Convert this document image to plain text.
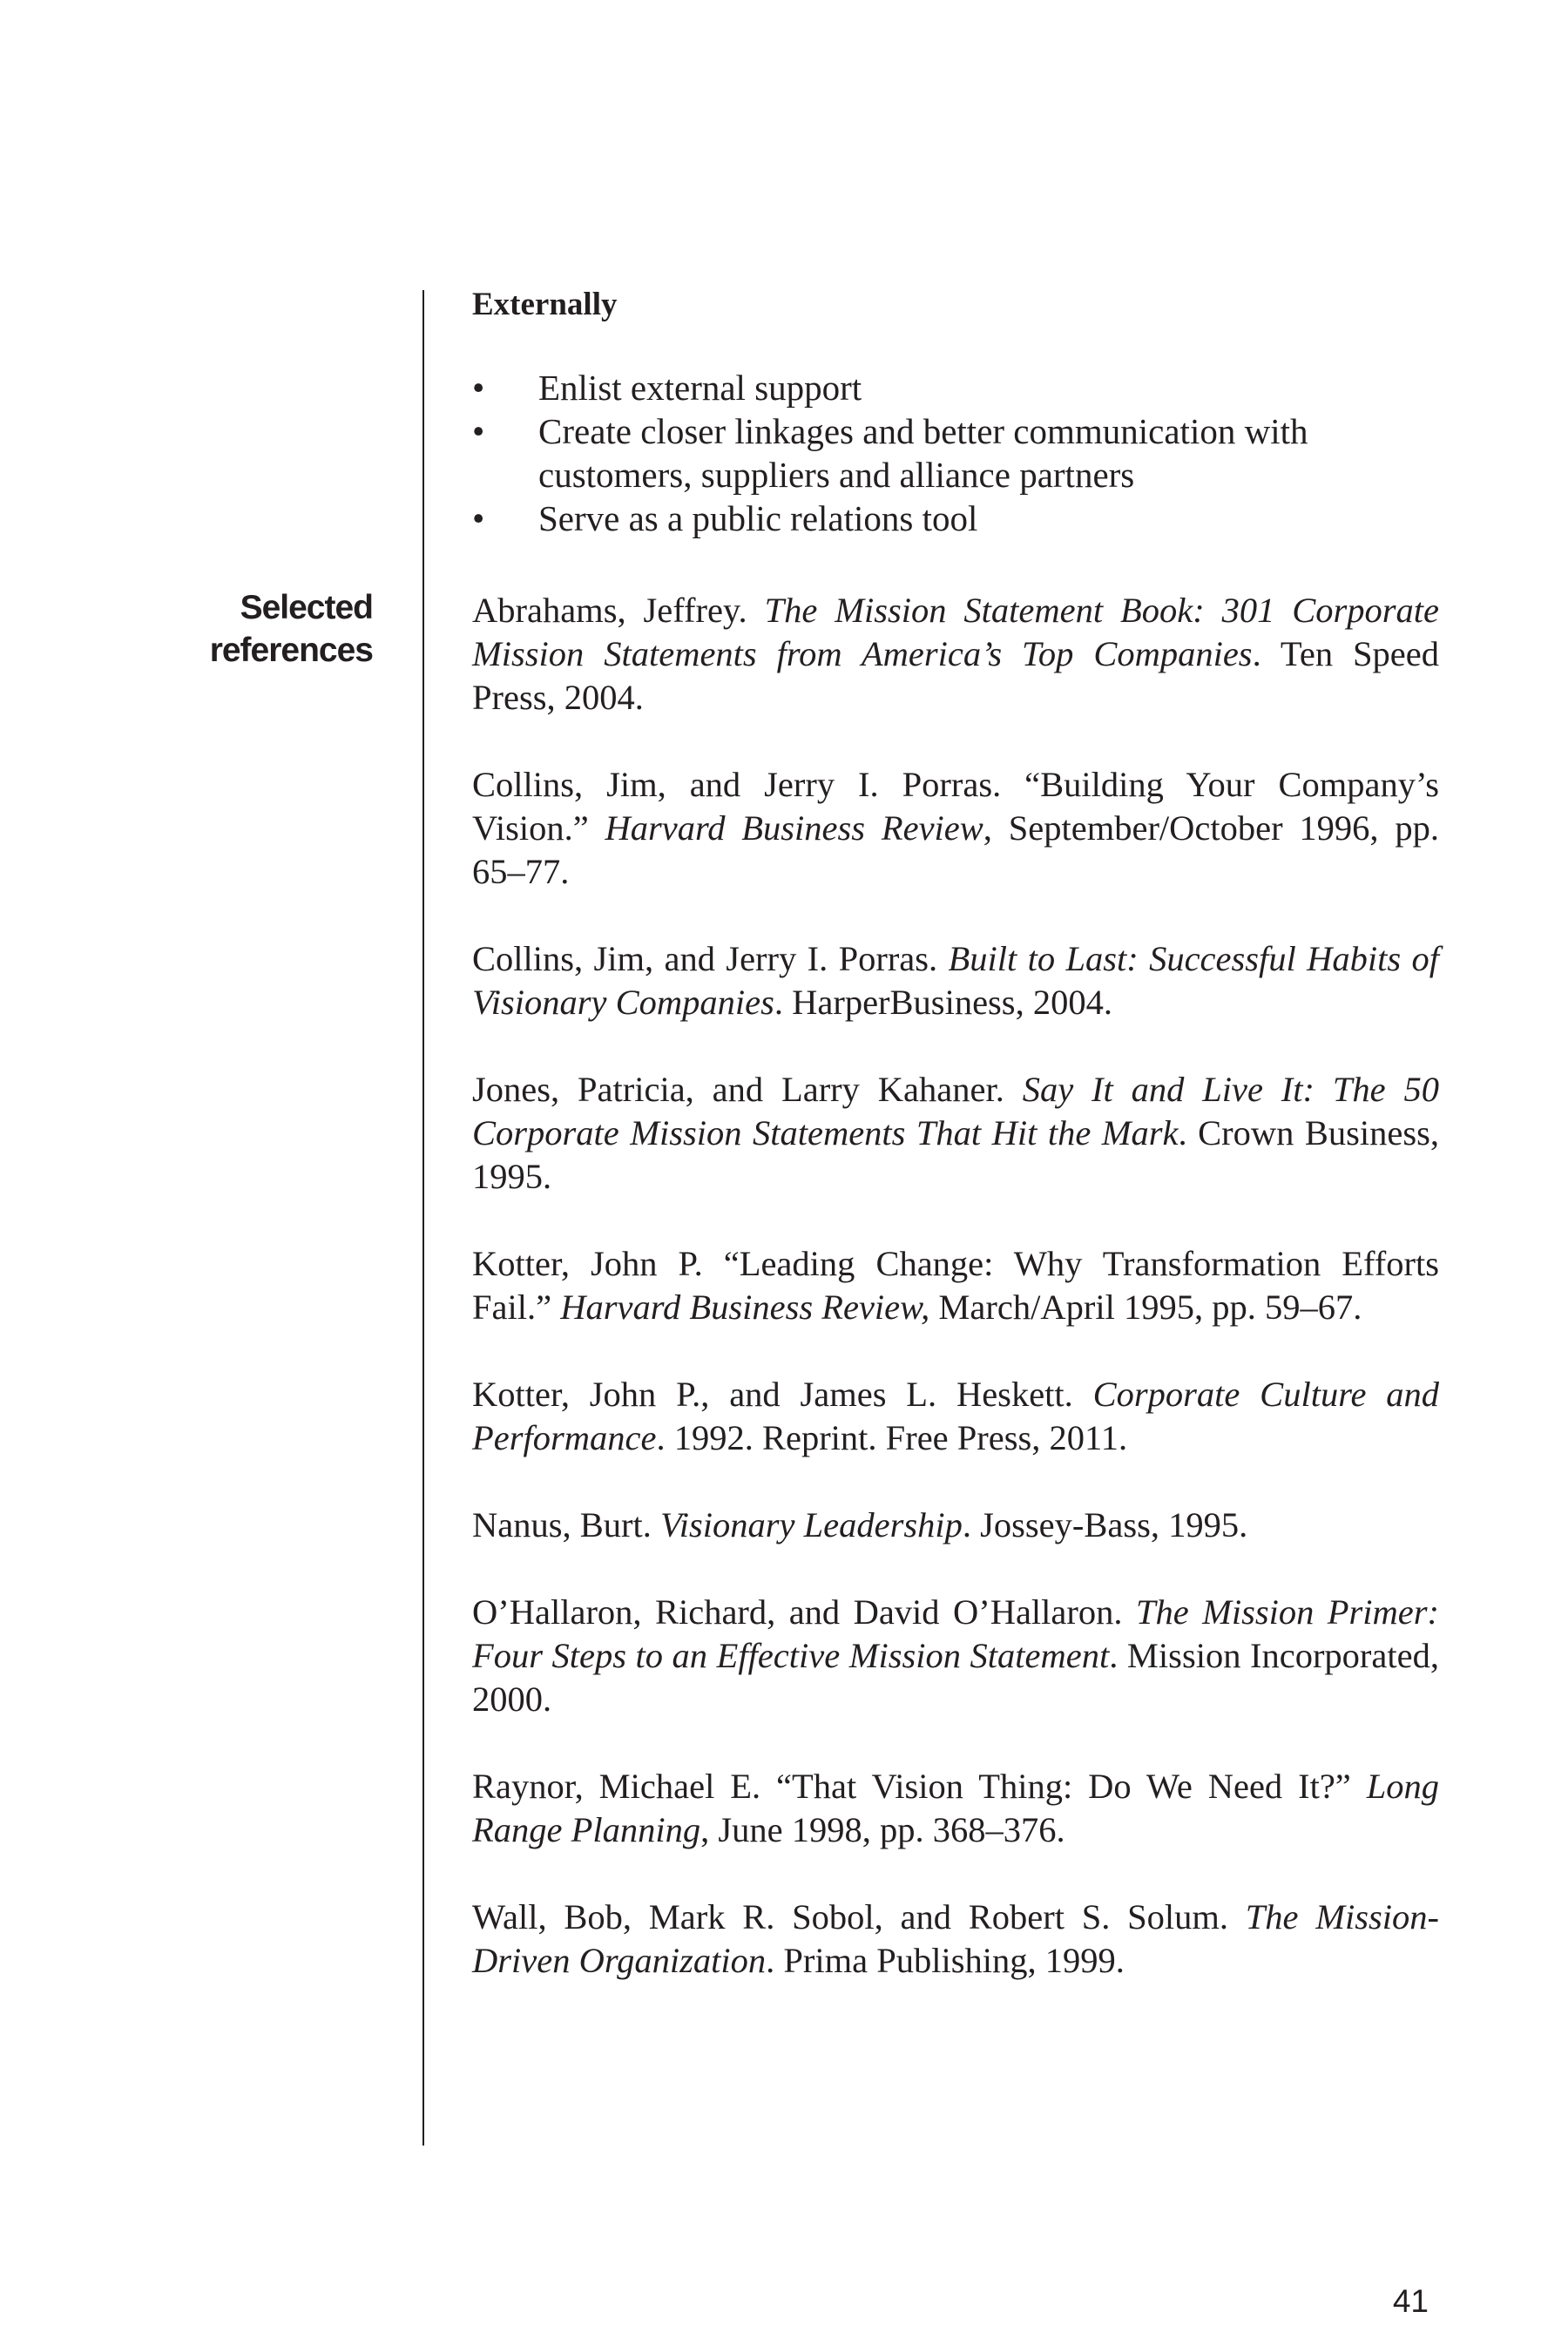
Externally
•	Enlist external support
•	Create closer linkages and better communication with customers, suppliers and alliance partners
•	Serve as a public relations tool
Selected
references

Abrahams, Jeffrey. The Mission Statement Book: 301 Corporate Mission Statements from America’s Top Companies. Ten Speed Press, 2004.

Collins, Jim, and Jerry I. Porras. “Building Your Company’s Vision.” Harvard Business Review, September/October 1996, pp. 65–77.

Collins, Jim, and Jerry I. Porras. Built to Last: Successful Habits of Visionary Companies. HarperBusiness, 2004.

Jones, Patricia, and Larry Kahaner. Say It and Live It: The 50 Corporate Mission Statements That Hit the Mark. Crown Business, 1995.

Kotter, John P. “Leading Change: Why Transformation Efforts Fail.” Harvard Business Review, March/April 1995, pp. 59–67.

Kotter, John P., and James L. Heskett. Corporate Culture and Performance. 1992. Reprint. Free Press, 2011.

Nanus, Burt. Visionary Leadership. Jossey-Bass, 1995.

O’Hallaron, Richard, and David O’Hallaron. The Mission Primer: Four Steps to an Effective Mission Statement. Mission Incorporated, 2000.

Raynor, Michael E. “That Vision Thing: Do We Need It?” Long Range Planning, June 1998, pp. 368–376.

Wall, Bob, Mark R. Sobol, and Robert S. Solum. The Mission-Driven Organization. Prima Publishing, 1999.

41
